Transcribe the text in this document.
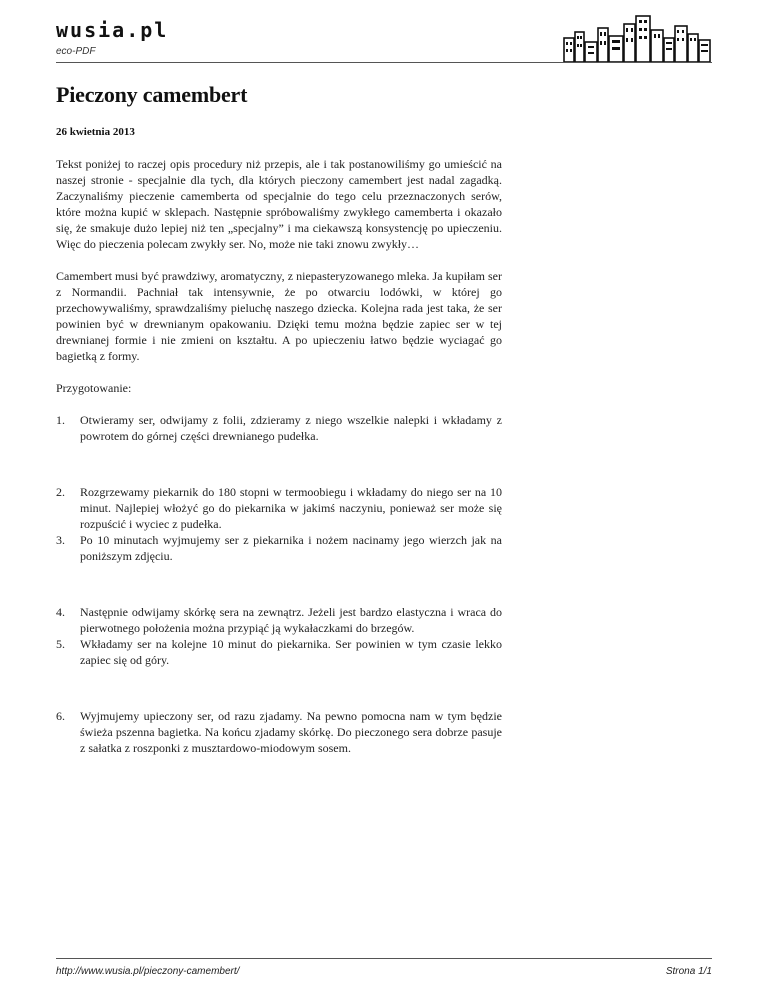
wusia.pl
eco-PDF
Pieczony camembert
26 kwietnia 2013

Tekst poniżej to raczej opis procedury niż przepis, ale i tak postanowiliśmy go umieścić na naszej stronie - specjalnie dla tych, dla których pieczony camembert jest nadal zagadką. Zaczynaliśmy pieczenie camemberta od specjalnie do tego celu przeznaczonych serów, które można kupić w sklepach. Następnie spróbowaliśmy zwykłego camemberta i okazało się, że smakuje dużo lepiej niż ten „specjalny” i ma ciekawszą konsystencję po upieczeniu. Więc do pieczenia polecam zwykły ser. No, może nie taki znowu zwykły…

Camembert musi być prawdziwy, aromatyczny, z niepasteryzowanego mleka. Ja kupiłam ser z Normandii. Pachniał tak intensywnie, że po otwarciu lodówki, w której go przechowywaliśmy, sprawdzaliśmy pieluchę naszego dziecka. Kolejna rada jest taka, że ser powinien być w drewnianym opakowaniu. Dzięki temu można będzie zapiec ser w tej drewnianej formie i nie zmieni on kształtu. A po upieczeniu łatwo będzie wyciagać go bagietką z formy.

Przygotowanie:

1. Otwieramy ser, odwijamy z folii, zdzieramy z niego wszelkie nalepki i wkładamy z powrotem do górnej części drewnianego pudełka.
2. Rozgrzewamy piekarnik do 180 stopni w termoobiegu i wkładamy do niego ser na 10 minut. Najlepiej włożyć go do piekarnika w jakimś naczyniu, ponieważ ser może się rozpuścić i wyciec z pudełka.
3. Po 10 minutach wyjmujemy ser z piekarnika i nożem nacinamy jego wierzch jak na poniższym zdjęciu.
4. Następnie odwijamy skórkę sera na zewnątrz. Jeżeli jest bardzo elastyczna i wraca do pierwotnego położenia można przypiąć ją wykałaczkami do brzegów.
5. Wkładamy ser na kolejne 10 minut do piekarnika. Ser powinien w tym czasie lekko zapiec się od góry.
6. Wyjmujemy upieczony ser, od razu zjadamy. Na pewno pomocna nam w tym będzie świeża pszenna bagietka. Na końcu zjadamy skórkę. Do pieczonego sera dobrze pasuje z sałatka z roszponki z musztardowo-miodowym sosem.
http://www.wusia.pl/pieczony-camembert/	Strona 1/1
